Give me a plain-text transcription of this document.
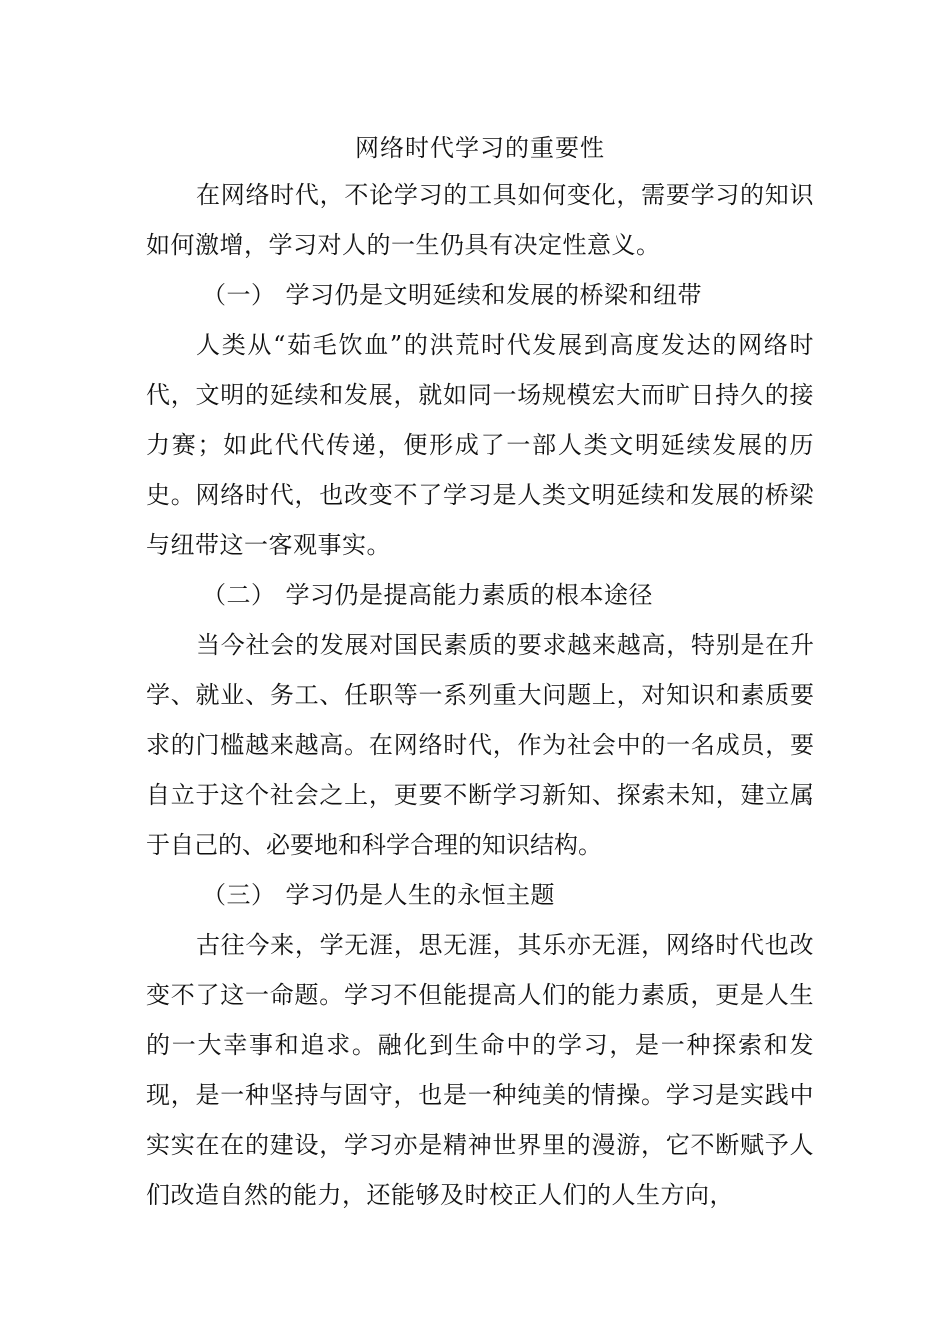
网络时代学习的重要性

在网络时代，不论学习的工具如何变化，需要学习的知识如何激增，学习对人的一生仍具有决定性意义。

（一） 学习仍是文明延续和发展的桥梁和纽带

人类从“茹毛饮血”的洪荒时代发展到高度发达的网络时代，文明的延续和发展，就如同一场规模宏大而旷日持久的接力赛；如此代代传递，便形成了一部人类文明延续发展的历史。网络时代，也改变不了学习是人类文明延续和发展的桥梁与纽带这一客观事实。

（二） 学习仍是提高能力素质的根本途径

当今社会的发展对国民素质的要求越来越高，特别是在升学、就业、务工、任职等一系列重大问题上，对知识和素质要求的门槛越来越高。在网络时代，作为社会中的一名成员，要自立于这个社会之上，更要不断学习新知、探索未知，建立属于自己的、必要地和科学合理的知识结构。

（三） 学习仍是人生的永恒主题

古往今来，学无涯，思无涯，其乐亦无涯，网络时代也改变不了这一命题。学习不但能提高人们的能力素质，更是人生的一大幸事和追求。融化到生命中的学习，是一种探索和发现，是一种坚持与固守，也是一种纯美的情操。学习是实践中实实在在的建设，学习亦是精神世界里的漫游，它不断赋予人们改造自然的能力，还能够及时校正人们的人生方向，
